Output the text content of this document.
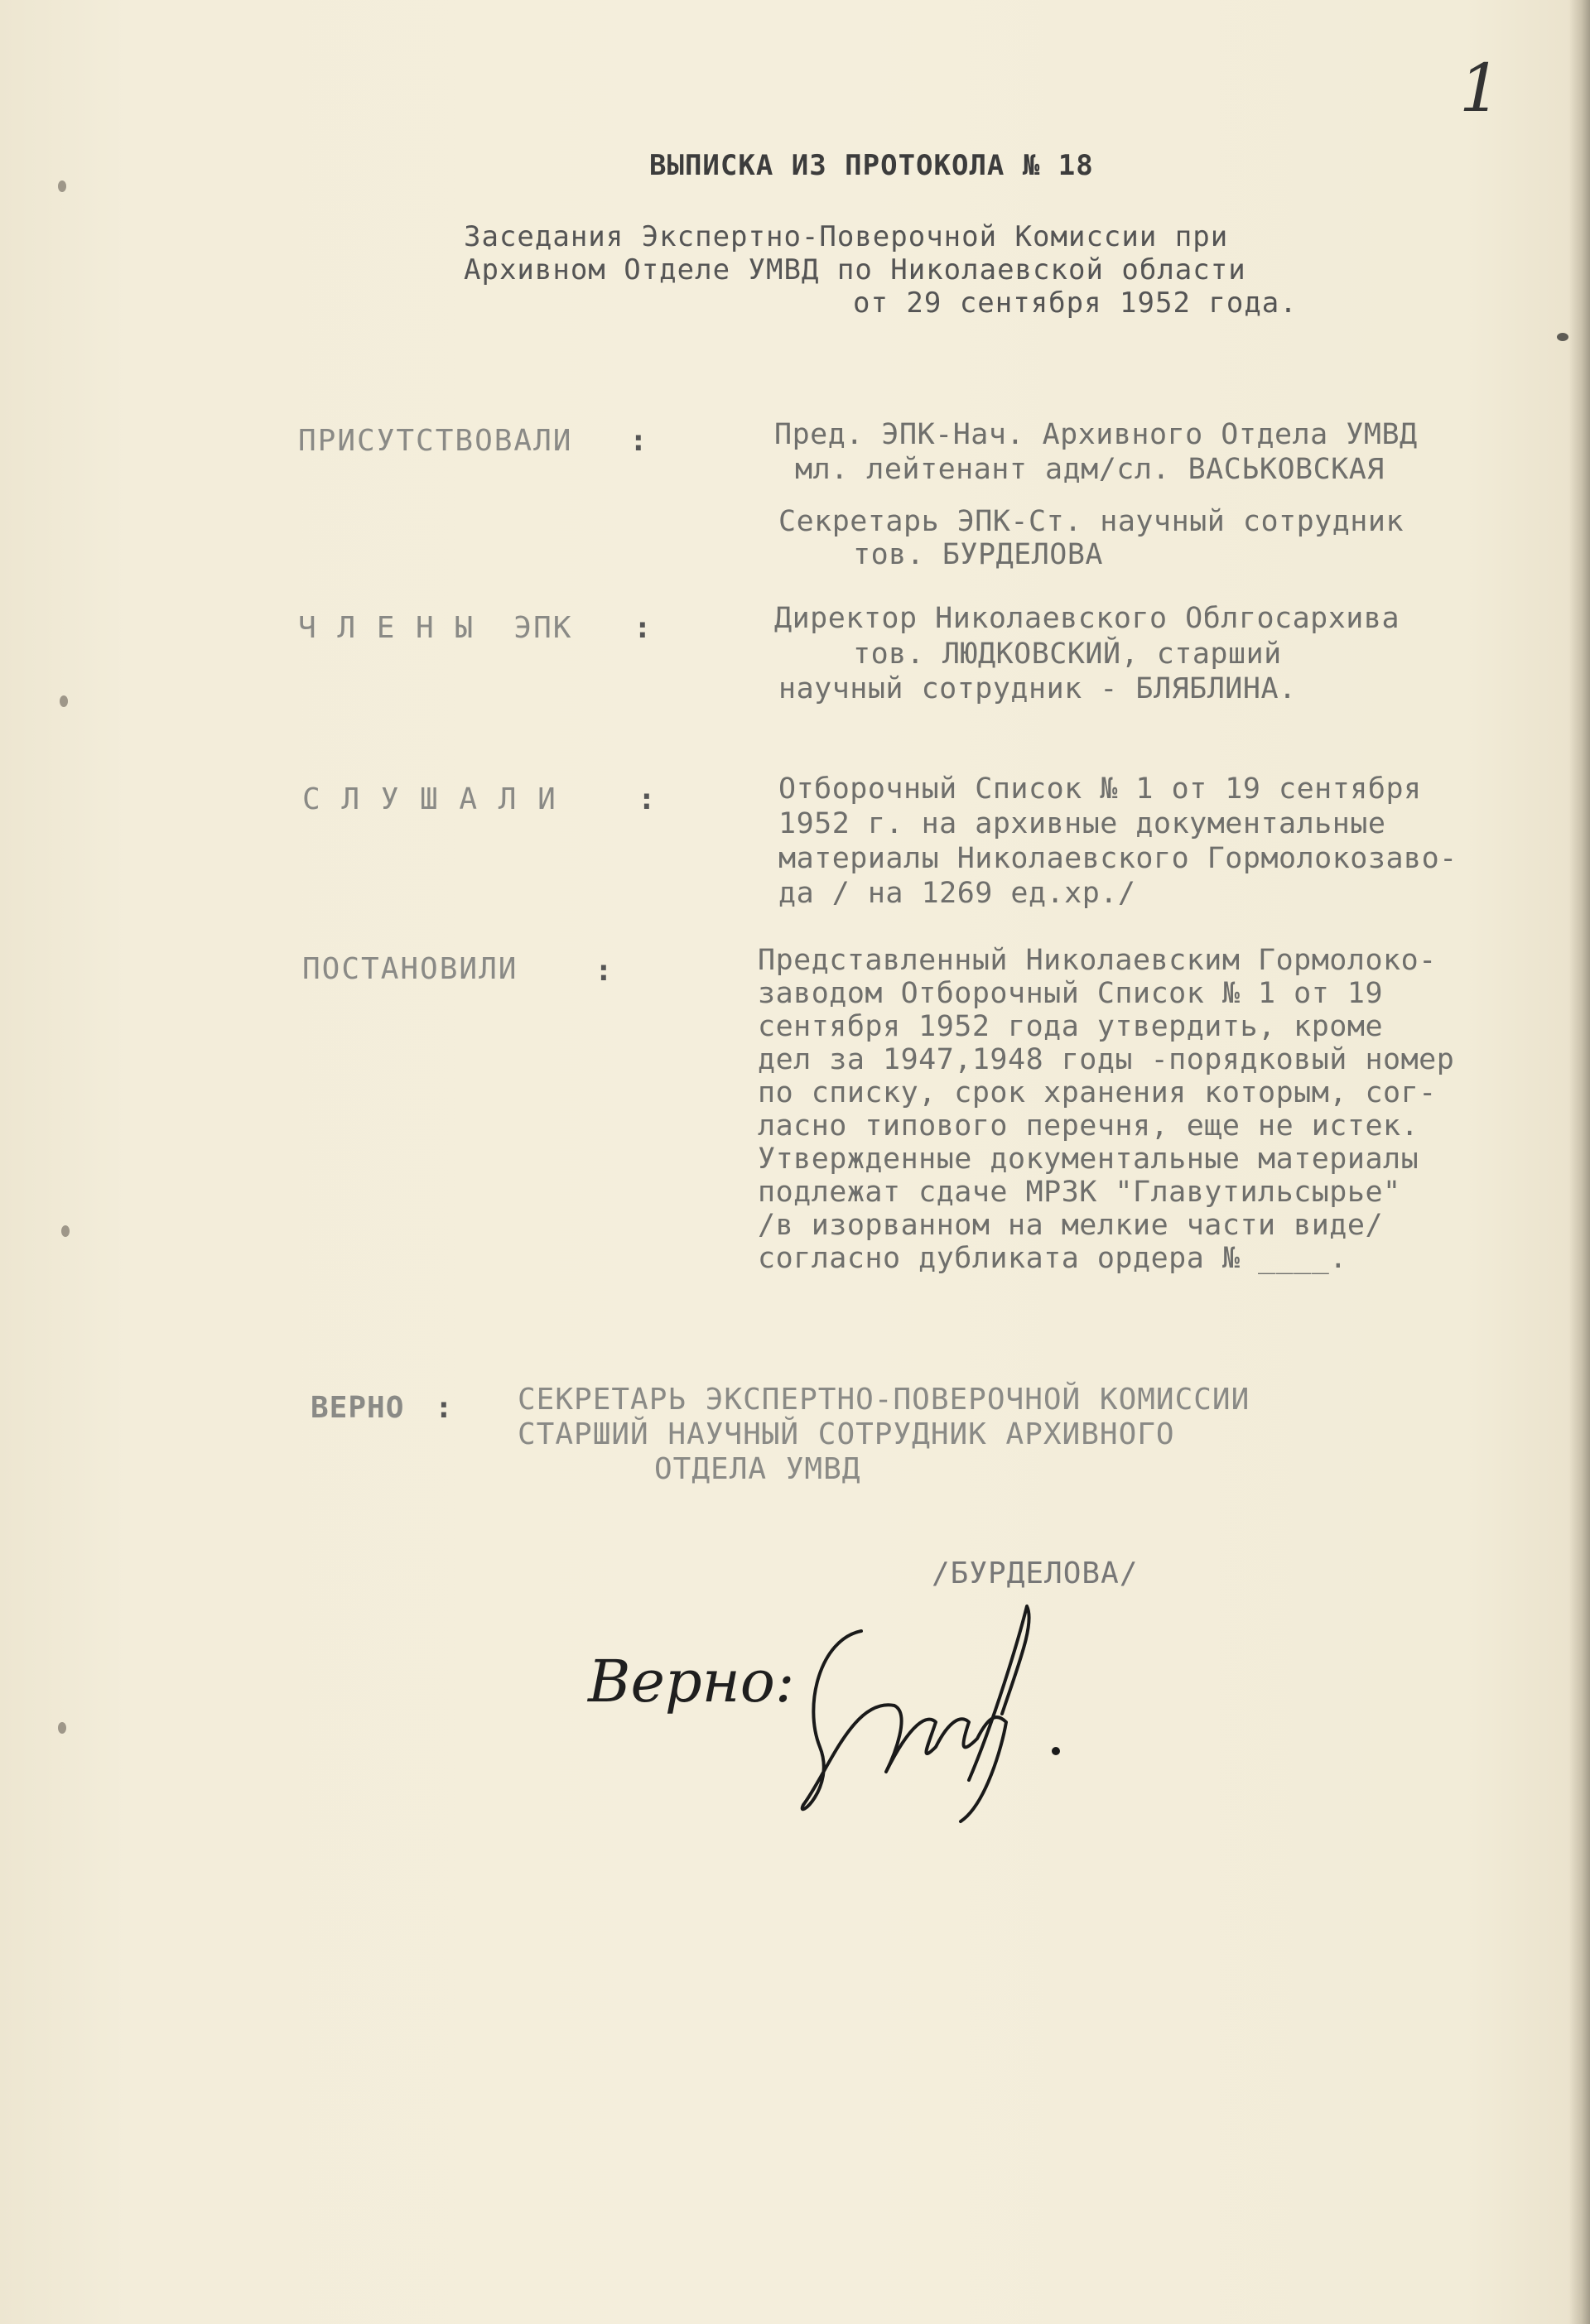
1
ВЫПИСКА ИЗ ПРОТОКОЛА № 18
Заседания Экспертно-Поверочной Комиссии при
Архивном Отделе УМВД по Николаевской области
от 29 сентября 1952 года.
ПРИСУТСТВОВАЛИ :	Пред. ЭПК-Нач. Архивного Отдела УМВД
мл. лейтенант адм/сл. ВАСЬКОВСКАЯ
Секретарь ЭПК-Ст. научный сотрудник
тов. БУРДЕЛОВА
Ч Л Е Н Ы  ЭПК :	Директор Николаевского Облгосархива
тов. ЛЮДКОВСКИЙ, старший
научный сотрудник - БЛЯБЛИНА.
С Л У Ш А Л И	:	Отборочный Список № 1 от 19 сентября
1952 г. на архивные документальные
материалы Николаевского Гормолокозаво-
да / на 1269 ед.хр./
ПОСТАНОВИЛИ	:	Представленный Николаевским Гормолоко-
заводом Отборочный Список № 1 от 19
сентября 1952 года утвердить, кроме
дел за 1947,1948 годы -порядковый номер
по списку, срок хранения которым, сог-
ласно типового перечня, еще не истек.
Утвержденные документальные материалы
подлежат сдаче МРЗК "Главутильсырье"
/в изорванном на мелкие части виде/
согласно дубликата ордера № ____.
ВЕРНО : СЕКРЕТАРЬ ЭКСПЕРТНО-ПОВЕРОЧНОЙ КОМИССИИ
СТАРШИЙ НАУЧНЫЙ СОТРУДНИК АРХИВНОГО
ОТДЕЛА УМВД
/БУРДЕЛОВА/
Верно:
